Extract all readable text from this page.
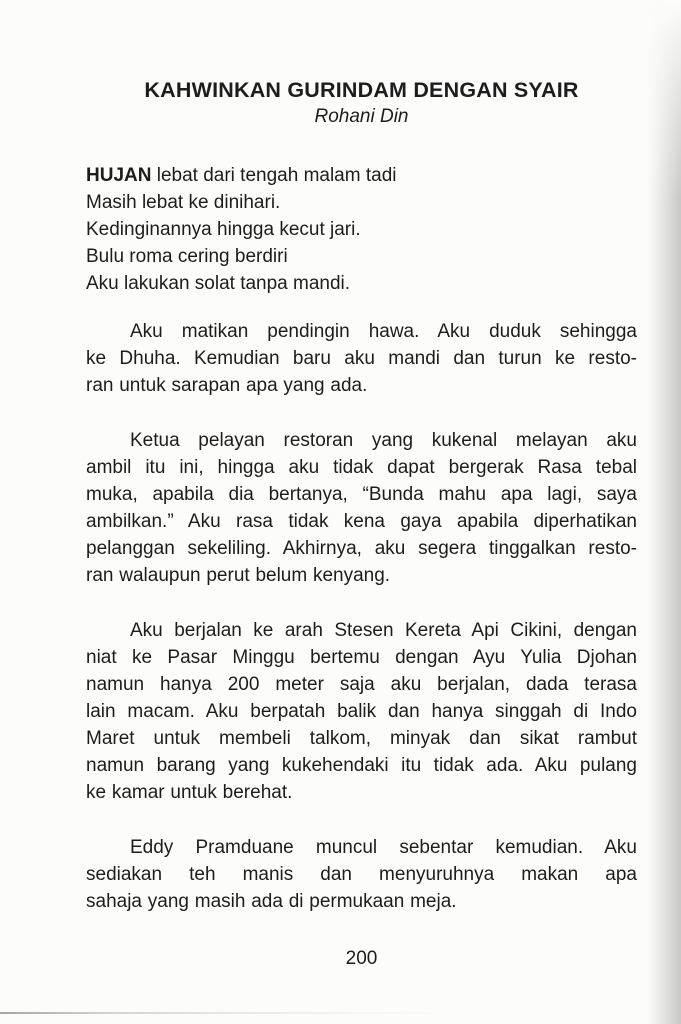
KAHWINKAN GURINDAM DENGAN SYAIR
Rohani Din
HUJAN lebat dari tengah malam tadi
Masih lebat ke dinihari.
Kedinginannya hingga kecut jari.
Bulu roma cering berdiri
Aku lakukan solat tanpa mandi.
Aku matikan pendingin hawa. Aku duduk sehingga
ke Dhuha. Kemudian baru aku mandi dan turun ke resto-
ran untuk sarapan apa yang ada.
Ketua pelayan restoran yang kukenal melayan aku
ambil itu ini, hingga aku tidak dapat bergerak Rasa tebal
muka, apabila dia bertanya, “Bunda mahu apa lagi, saya
ambilkan.” Aku rasa tidak kena gaya apabila diperhatikan
pelanggan sekeliling. Akhirnya, aku segera tinggalkan resto-
ran walaupun perut belum kenyang.
Aku berjalan ke arah Stesen Kereta Api Cikini, dengan
niat ke Pasar Minggu bertemu dengan Ayu Yulia Djohan
namun hanya 200 meter saja aku berjalan, dada terasa
lain macam. Aku berpatah balik dan hanya singgah di Indo
Maret untuk membeli talkom, minyak dan sikat rambut
namun barang yang kukehendaki itu tidak ada. Aku pulang
ke kamar untuk berehat.
Eddy Pramduane muncul sebentar kemudian. Aku
sediakan teh manis dan menyuruhnya makan apa
sahaja yang masih ada di permukaan meja.
200
